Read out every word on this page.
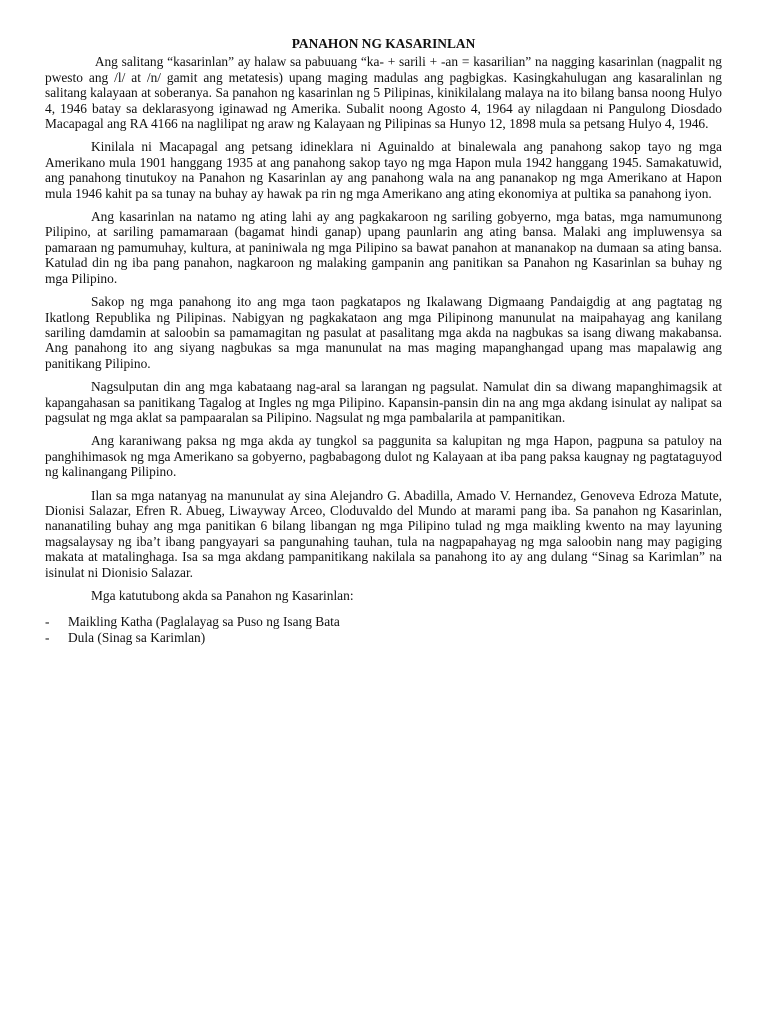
PANAHON NG KASARINLAN

Ang salitang “kasarinlan” ay halaw sa pabuuang “ka- + sarili + -an = kasarilian” na nagging kasarinlan (nagpalit ng pwesto ang /l/ at /n/ gamit ang metatesis) upang maging madulas ang pagbigkas. Kasingkahulugan ang kasaralinlan ng salitang kalayaan at soberanya. Sa panahon ng kasarinlan ng 5 Pilipinas, kinikilalang malaya na ito bilang bansa noong Hulyo 4, 1946 batay sa deklarasyong iginawad ng Amerika. Subalit noong Agosto 4, 1964 ay nilagdaan ni Pangulong Diosdado Macapagal ang RA 4166 na naglilipat ng araw ng Kalayaan ng Pilipinas sa Hunyo 12, 1898 mula sa petsang Hulyo 4, 1946.

Kinilala ni Macapagal ang petsang idineklara ni Aguinaldo at binalewala ang panahong sakop tayo ng mga Amerikano mula 1901 hanggang 1935 at ang panahong sakop tayo ng mga Hapon mula 1942 hanggang 1945. Samakatuwid, ang panahong tinutukoy na Panahon ng Kasarinlan ay ang panahong wala na ang pananakop ng mga Amerikano at Hapon mula 1946 kahit pa sa tunay na buhay ay hawak pa rin ng mga Amerikano ang ating ekonomiya at pultika sa panahong iyon.

Ang kasarinlan na natamo ng ating lahi ay ang pagkakaroon ng sariling gobyerno, mga batas, mga namumunong Pilipino, at sariling pamamaraan (bagamat hindi ganap) upang paunlarin ang ating bansa. Malaki ang impluwensya sa pamaraan ng pamumuhay, kultura, at paniniwala ng mga Pilipino sa bawat panahon at mananakop na dumaan sa ating bansa. Katulad din ng iba pang panahon, nagkaroon ng malaking gampanin ang panitikan sa Panahon ng Kasarinlan sa buhay ng mga Pilipino.

Sakop ng mga panahong ito ang mga taon pagkatapos ng Ikalawang Digmaang Pandaigdig at ang pagtatag ng Ikatlong Republika ng Pilipinas. Nabigyan ng pagkakataon ang mga Pilipinong manunulat na maipahayag ang kanilang sariling damdamin at saloobin sa pamamagitan ng pasulat at pasalitang mga akda na nagbukas sa isang diwang makabansa. Ang panahong ito ang siyang nagbukas sa mga manunulat na mas maging mapanghangad upang mas mapalawig ang panitikang Pilipino.

Nagsulputan din ang mga kabataang nag-aral sa larangan ng pagsulat. Namulat din sa diwang mapanghimagsik at kapangahasan sa panitikang Tagalog at Ingles ng mga Pilipino. Kapansin-pansin din na ang mga akdang isinulat ay nalipat sa pagsulat ng mga aklat sa pampaaralan sa Pilipino. Nagsulat ng mga pambalarila at pampanitikan.

Ang karaniwang paksa ng mga akda ay tungkol sa paggunita sa kalupitan ng mga Hapon, pagpuna sa patuloy na panghihimasok ng mga Amerikano sa gobyerno, pagbabagong dulot ng Kalayaan at iba pang paksa kaugnay ng pagtataguyod ng kalinangang Pilipino.

Ilan sa mga natanyag na manunulat ay sina Alejandro G. Abadilla, Amado V. Hernandez, Genoveva Edroza Matute, Dionisi Salazar, Efren R. Abueg, Liwayway Arceo, Cloduvaldo del Mundo at marami pang iba. Sa panahon ng Kasarinlan, nananatiling buhay ang mga panitikan 6 bilang libangan ng mga Pilipino tulad ng mga maikling kwento na may layuning magsalaysay ng iba’t ibang pangyayari sa pangunahing tauhan, tula na nagpapahayag ng mga saloobin nang may pagiging makata at matalinghaga. Isa sa mga akdang pampanitikang nakilala sa panahong ito ay ang dulang “Sinag sa Karimlan” na isinulat ni Dionisio Salazar.

Mga katutubong akda sa Panahon ng Kasarinlan:

-	Maikling Katha (Paglalayag sa Puso ng Isang Bata
-	Dula (Sinag sa Karimlan)
